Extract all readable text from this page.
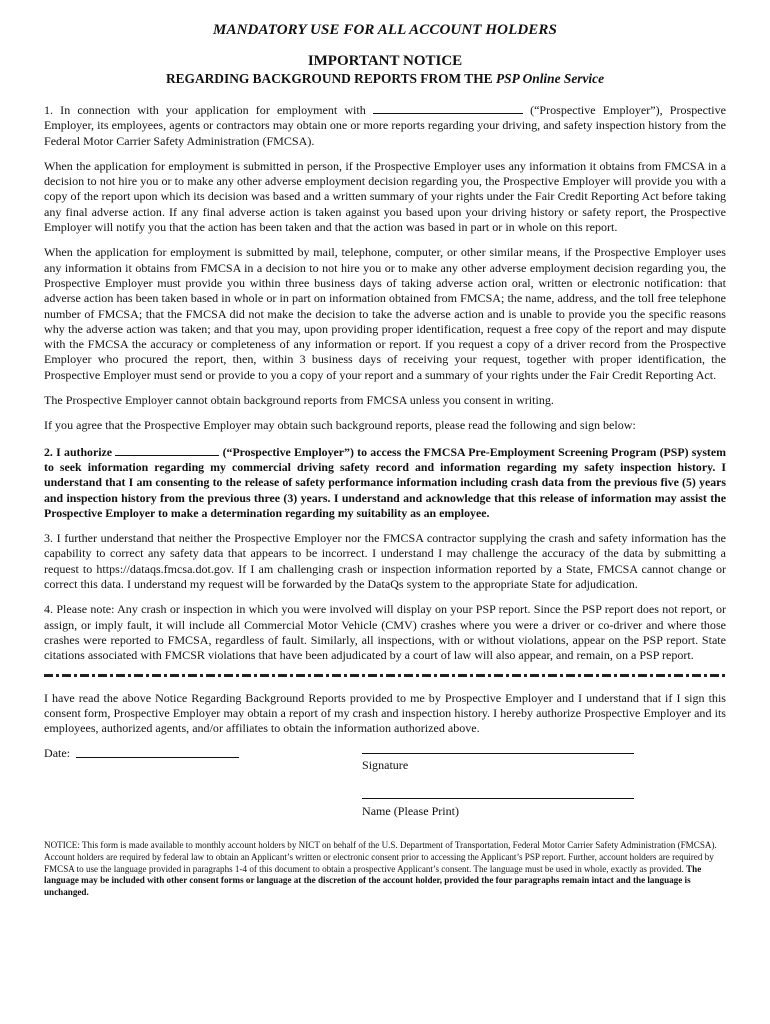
MANDATORY USE FOR ALL ACCOUNT HOLDERS
IMPORTANT NOTICE
REGARDING BACKGROUND REPORTS FROM THE PSP Online Service

1. In connection with your application for employment with	(“Prospective Employer”), Prospective Employer, its employees, agents or contractors may obtain one or more reports regarding your driving, and safety inspection history from the Federal Motor Carrier Safety Administration (FMCSA).

When the application for employment is submitted in person, if the Prospective Employer uses any information it obtains from FMCSA in a decision to not hire you or to make any other adverse employment decision regarding you, the Prospective Employer will provide you with a copy of the report upon which its decision was based and a written summary of your rights under the Fair Credit Reporting Act before taking any final adverse action. If any final adverse action is taken against you based upon your driving history or safety report, the Prospective Employer will notify you that the action has been taken and that the action was based in part or in whole on this report.

When the application for employment is submitted by mail, telephone, computer, or other similar means, if the Prospective Employer uses any information it obtains from FMCSA in a decision to not hire you or to make any other adverse employment decision regarding you, the Prospective Employer must provide you within three business days of taking adverse action oral, written or electronic notification: that adverse action has been taken based in whole or in part on information obtained from FMCSA; the name, address, and the toll free telephone number of FMCSA; that the FMCSA did not make the decision to take the adverse action and is unable to provide you the specific reasons why the adverse action was taken; and that you may, upon providing proper identification, request a free copy of the report and may dispute with the FMCSA the accuracy or completeness of any information or report. If you request a copy of a driver record from the Prospective Employer who procured the report, then, within 3 business days of receiving your request, together with proper identification, the Prospective Employer must send or provide to you a copy of your report and a summary of your rights under the Fair Credit Reporting Act.

The Prospective Employer cannot obtain background reports from FMCSA unless you consent in writing.

If you agree that the Prospective Employer may obtain such background reports, please read the following and sign below:

2. I authorize	(“Prospective Employer”) to access the FMCSA Pre-Employment Screening Program (PSP) system to seek information regarding my commercial driving safety record and information regarding my safety inspection history. I understand that I am consenting to the release of safety performance information including crash data from the previous five (5) years and inspection history from the previous three (3) years. I understand and acknowledge that this release of information may assist the Prospective Employer to make a determination regarding my suitability as an employee.

3. I further understand that neither the Prospective Employer nor the FMCSA contractor supplying the crash and safety information has the capability to correct any safety data that appears to be incorrect. I understand I may challenge the accuracy of the data by submitting a request to https://dataqs.fmcsa.dot.gov. If I am challenging crash or inspection information reported by a State, FMCSA cannot change or correct this data. I understand my request will be forwarded by the DataQs system to the appropriate State for adjudication.

4. Please note: Any crash or inspection in which you were involved will display on your PSP report. Since the PSP report does not report, or assign, or imply fault, it will include all Commercial Motor Vehicle (CMV) crashes where you were a driver or co-driver and where those crashes were reported to FMCSA, regardless of fault. Similarly, all inspections, with or without violations, appear on the PSP report. State citations associated with FMCSR violations that have been adjudicated by a court of law will also appear, and remain, on a PSP report.

I have read the above Notice Regarding Background Reports provided to me by Prospective Employer and I understand that if I sign this consent form, Prospective Employer may obtain a report of my crash and inspection history. I hereby authorize Prospective Employer and its employees, authorized agents, and/or affiliates to obtain the information authorized above.

Date:
Signature
Name (Please Print)

NOTICE: This form is made available to monthly account holders by NICT on behalf of the U.S. Department of Transportation, Federal Motor Carrier Safety Administration (FMCSA). Account holders are required by federal law to obtain an Applicant’s written or electronic consent prior to accessing the Applicant’s PSP report. Further, account holders are required by FMCSA to use the language provided in paragraphs 1-4 of this document to obtain a prospective Applicant’s consent. The language must be used in whole, exactly as provided. The language may be included with other consent forms or language at the discretion of the account holder, provided the four paragraphs remain intact and the language is unchanged.
